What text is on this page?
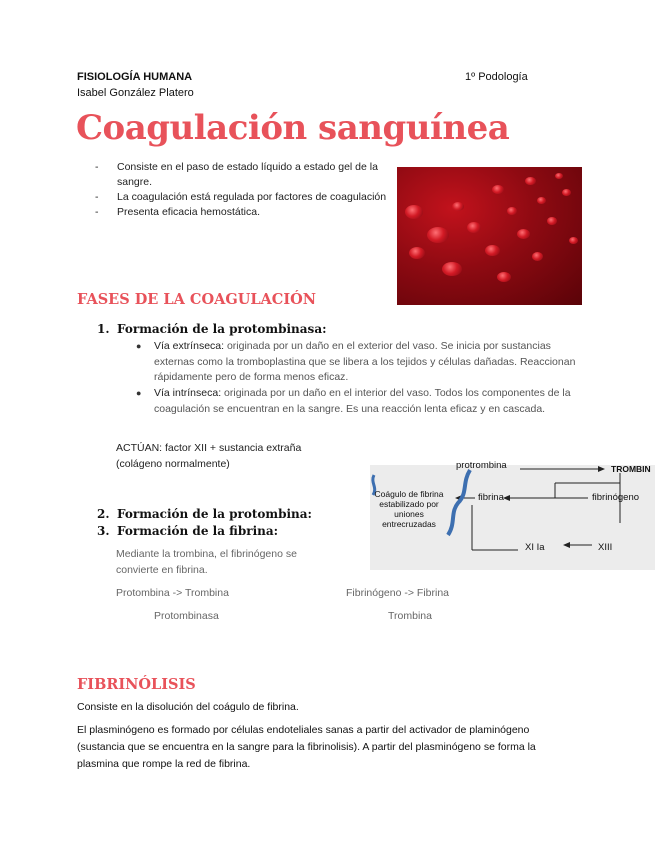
FISIOLOGÍA HUMANA	1º Podología
Isabel González Platero
Coagulación sanguínea
- Consiste en el paso de estado líquido a estado gel de la sangre.
- La coagulación está regulada por factores de coagulación
- Presenta eficacia hemostática.
FASES DE LA COAGULACIÓN
1. Formación de la protombinasa:
● Vía extrínseca: originada por un daño en el exterior del vaso. Se inicia por sustancias externas como la tromboplastina que se libera a los tejidos y células dañadas. Reaccionan rápidamente pero de forma menos eficaz.
● Vía intrínseca: originada por un daño en el interior del vaso. Todos los componentes de la coagulación se encuentran en la sangre. Es una reacción lenta eficaz y en cascada.
ACTÚAN: factor XII + sustancia extraña (colágeno normalmente)
2. Formación de la protombina:
3. Formación de la fibrina:
Mediante la trombina, el fibrinógeno se convierte en fibrina.
Protombina -> Trombina
Protombinasa
Fibrinógeno -> Fibrina
Trombina
protrombina	TROMBIN
Coágulo de fibrina estabilizado por uniones entrecruzadas
fibrina	fibrinógeno
XI Ia	XIII
FIBRINÓLISIS
Consiste en la disolución del coágulo de fibrina.
El plasminógeno es formado por células endoteliales sanas a partir del activador de plaminógeno (sustancia que se encuentra en la sangre para la fibrinolisis). A partir del plasminógeno se forma la plasmina que rompe la red de fibrina.
